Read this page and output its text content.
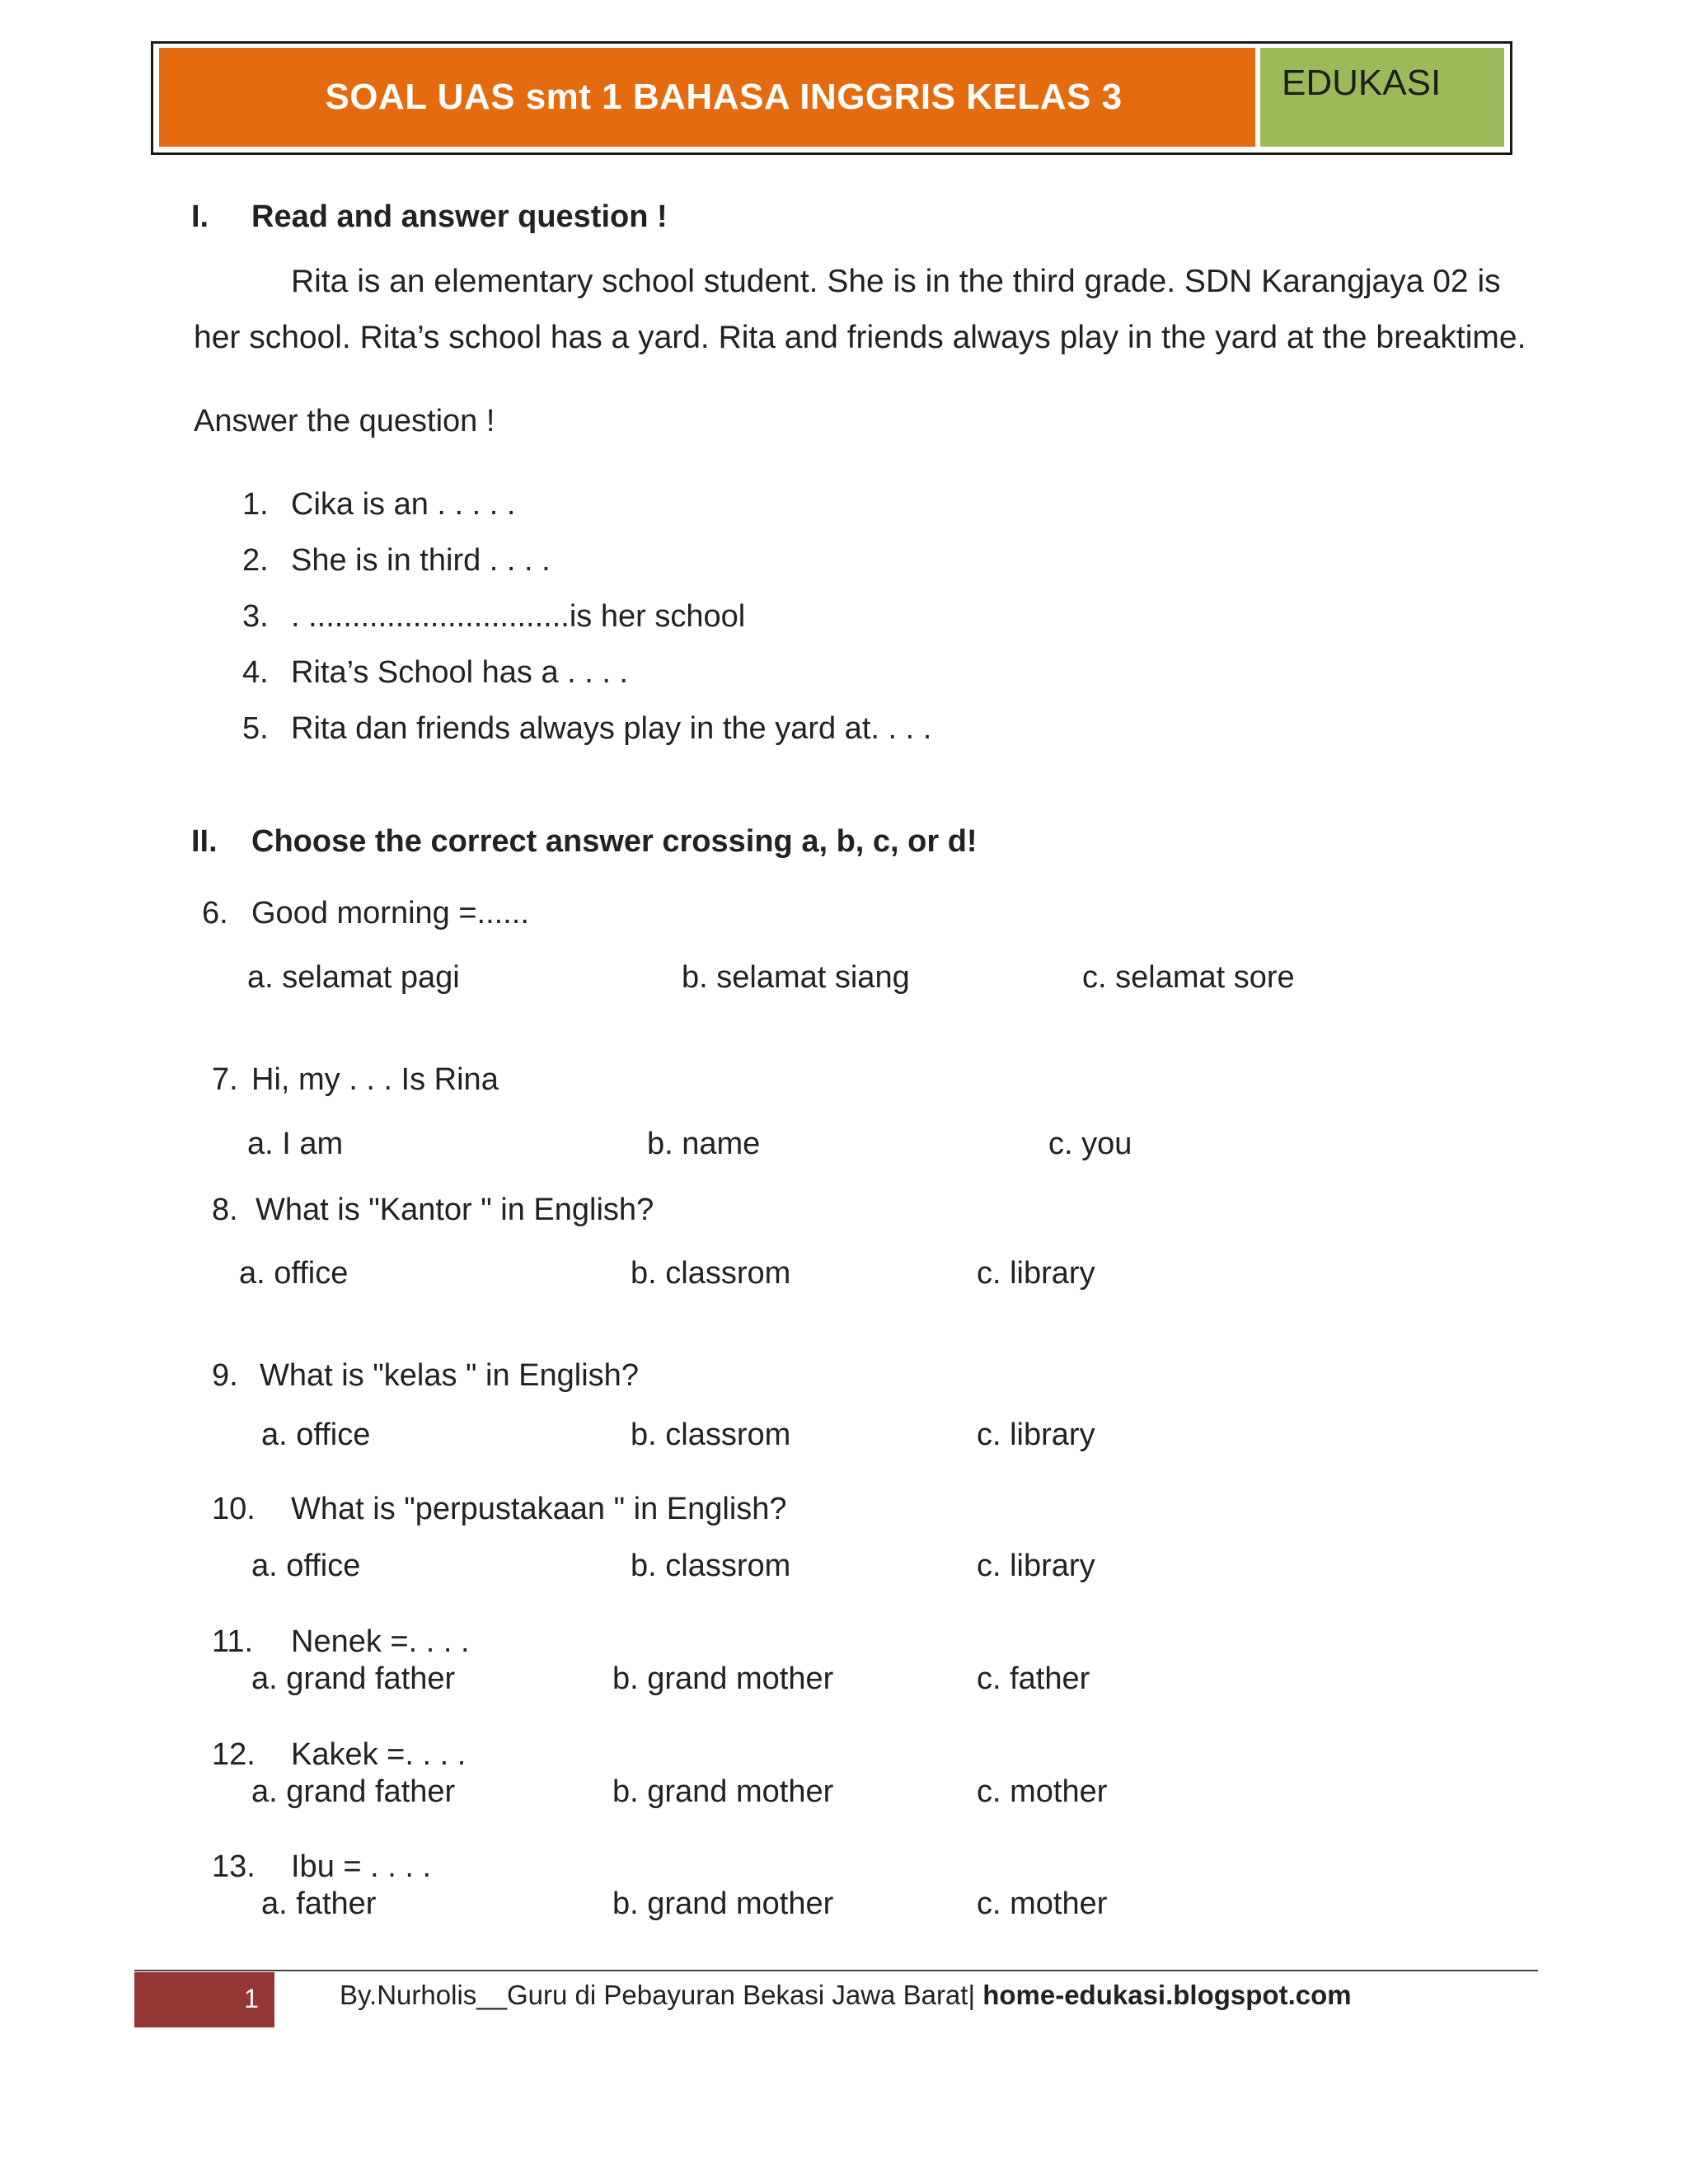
SOAL UAS smt 1 BAHASA INGGRIS KELAS 3	EDUKASI
I. Read and answer question !
Rita is an elementary school student. She is in the third grade. SDN Karangjaya 02 is
her school. Rita’s school has a yard. Rita and friends always play in the yard at the breaktime.
Answer the question !
1. Cika is an . . . . .
2. She is in third . . . .
3. . ..............................is her school
4. Rita’s School has a . . . .
5. Rita dan friends always play in the yard at. . . .
II. Choose the correct answer crossing a, b, c, or d!
6. Good morning =......
a. selamat pagi	b. selamat siang	c. selamat sore
7. Hi, my . . . Is Rina
a. I am	b. name	c. you
8. What is "Kantor " in English?
a. office	b. classrom	c. library
9. What is "kelas " in English?
a. office	b. classrom	c. library
10. What is "perpustakaan " in English?
a. office	b. classrom	c. library
11. Nenek =. . . .
a. grand father	b. grand mother	c. father
12. Kakek =. . . .
a. grand father	b. grand mother	c. mother
13. Ibu = . . . .
a. father	b. grand mother	c. mother
1	By.Nurholis__Guru di Pebayuran Bekasi Jawa Barat| home-edukasi.blogspot.com
